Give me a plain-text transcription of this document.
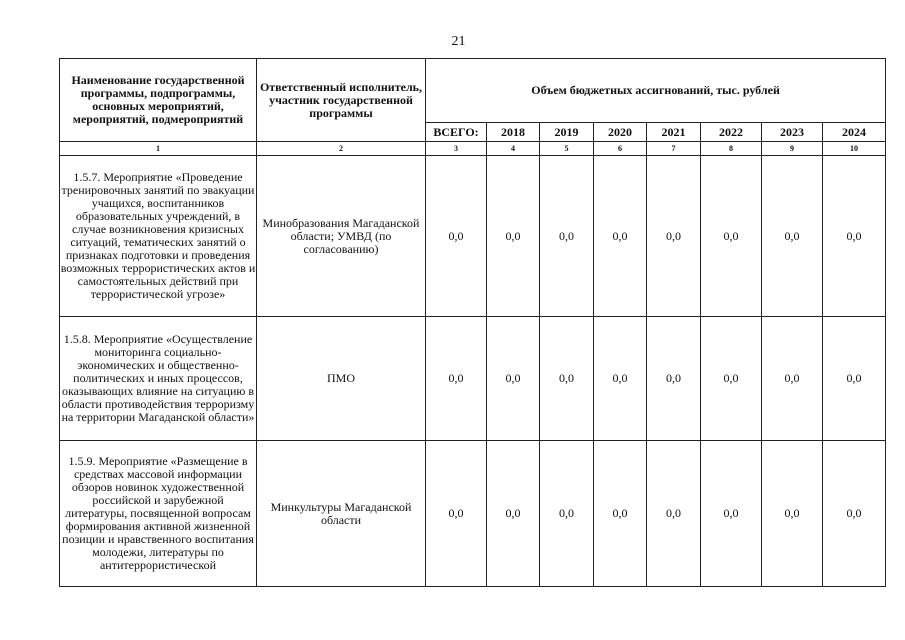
21
Наименование государственной программы, подпрограммы, основных мероприятий, мероприятий, подмероприятий	Ответственный исполнитель, участник государственной программы	Объем бюджетных ассигнований, тыс. рублей							
		ВСЕГО:	2018	2019	2020	2021	2022	2023	2024
1	2	3	4	5	6	7	8	9	10
1.5.7. Мероприятие «Проведение тренировочных занятий по эвакуации учащихся, воспитанников образовательных учреждений, в случае возникновения кризисных ситуаций, тематических занятий о признаках подготовки и проведения возможных террористических актов и самостоятельных действий при террористической угрозе»	Минобразования Магаданской области; УМВД (по согласованию)	0,0	0,0	0,0	0,0	0,0	0,0	0,0	0,0
1.5.8. Мероприятие «Осуществление мониторинга социально-экономических и общественно-политических и иных процессов, оказывающих влияние на ситуацию в области противодействия терроризму на территории Магаданской области»	ПМО	0,0	0,0	0,0	0,0	0,0	0,0	0,0	0,0
1.5.9. Мероприятие «Размещение в средствах массовой информации обзоров новинок художественной российской и зарубежной литературы, посвященной вопросам формирования активной жизненной позиции и нравственного воспитания молодежи, литературы по антитеррористической	Минкультуры Магаданской области	0,0	0,0	0,0	0,0	0,0	0,0	0,0	0,0
